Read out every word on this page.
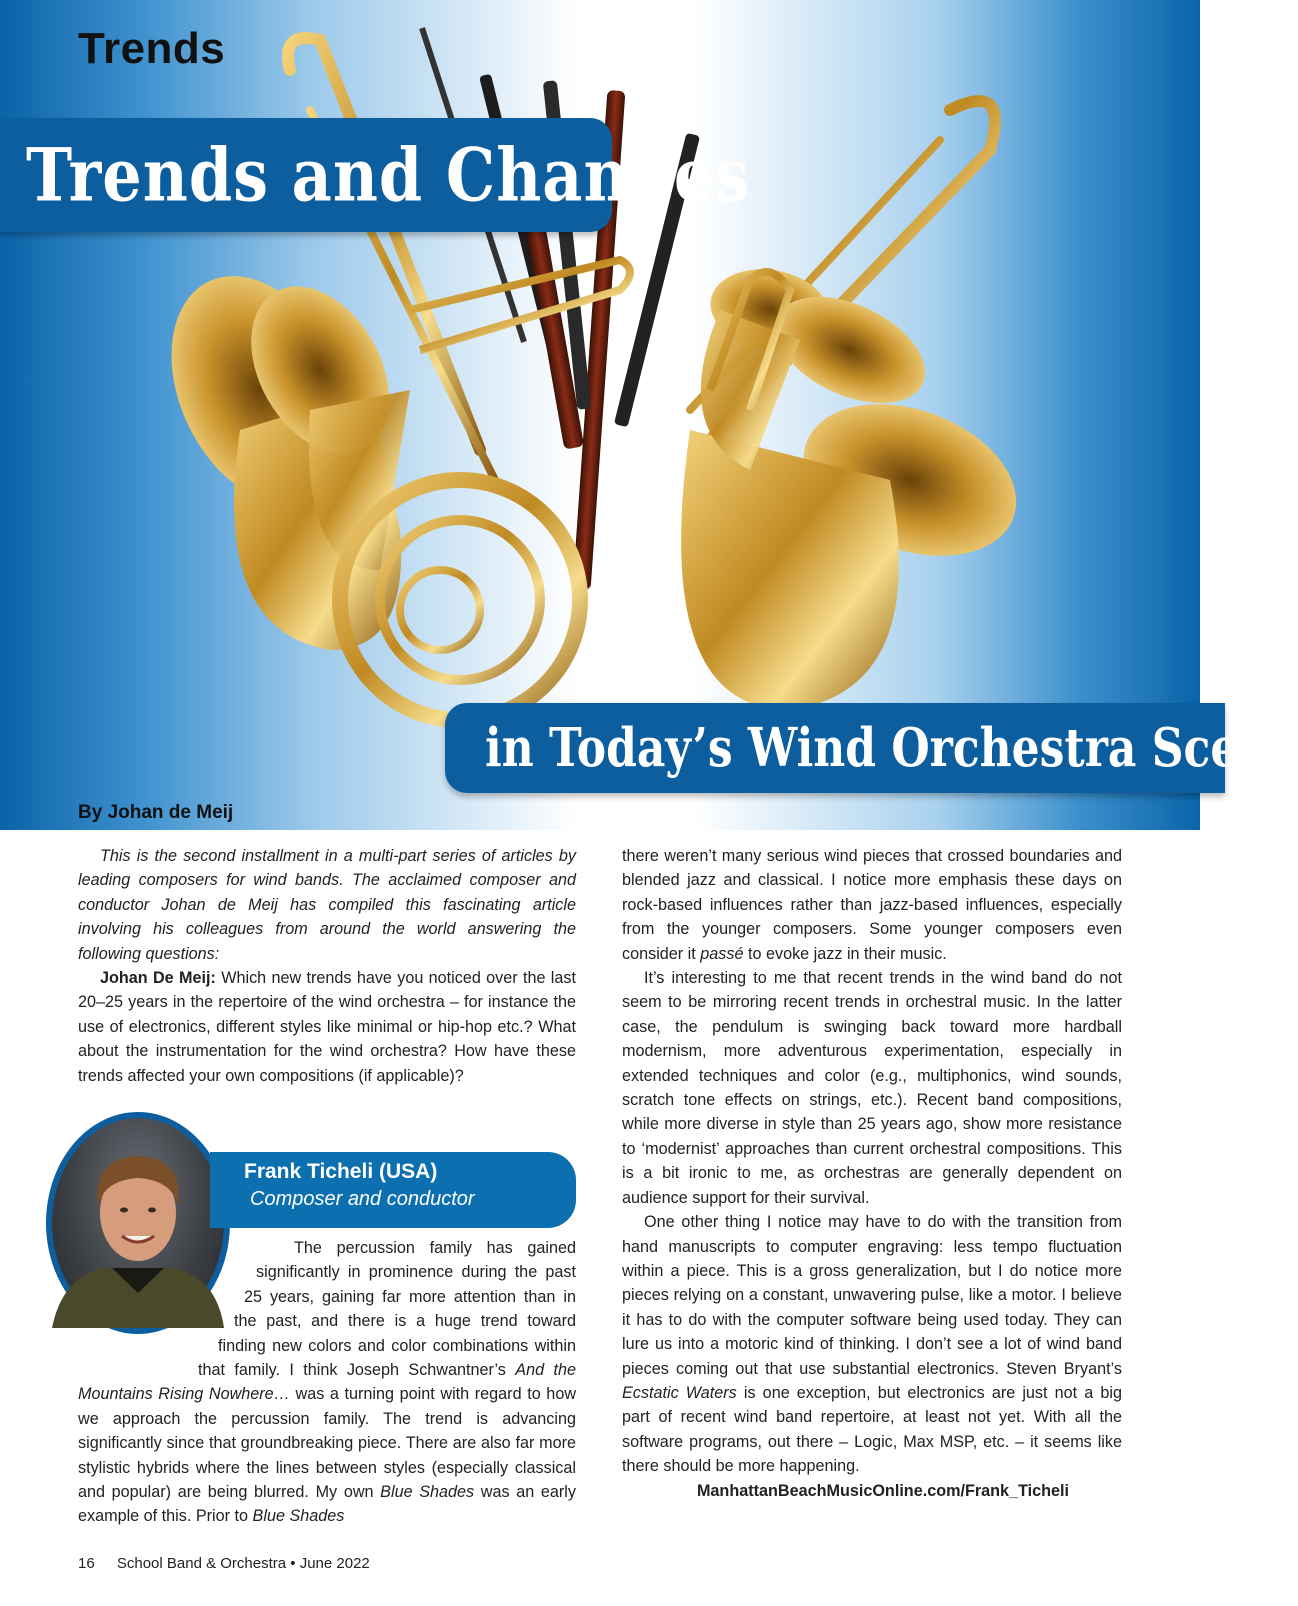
Trends
Trends and Changes
in Today’s Wind Orchestra Scene
By Johan de Meij

This is the second installment in a multi-part series of articles by leading composers for wind bands. The acclaimed composer and conductor Johan de Meij has compiled this fascinating article involving his colleagues from around the world answering the following questions:

Johan De Meij: Which new trends have you noticed over the last 20–25 years in the repertoire of the wind orchestra – for instance the use of electronics, different styles like minimal or hip-hop etc.? What about the instrumentation for the wind orchestra? How have these trends affected your own compositions (if applicable)?

Frank Ticheli (USA)
Composer and conductor

The percussion family has gained significantly in prominence during the past 25 years, gaining far more attention than in the past, and there is a huge trend toward finding new colors and color combinations within that family. I think Joseph Schwantner’s And the Mountains Rising Nowhere… was a turning point with regard to how we approach the percussion family. The trend is advancing significantly since that groundbreaking piece. There are also far more stylistic hybrids where the lines between styles (especially classical and popular) are being blurred. My own Blue Shades was an early example of this. Prior to Blue Shades

there weren’t many serious wind pieces that crossed boundaries and blended jazz and classical. I notice more emphasis these days on rock-based influences rather than jazz-based influences, especially from the younger composers. Some younger composers even consider it passé to evoke jazz in their music.

It’s interesting to me that recent trends in the wind band do not seem to be mirroring recent trends in orchestral music. In the latter case, the pendulum is swinging back toward more hardball modernism, more adventurous experimentation, especially in extended techniques and color (e.g., multiphonics, wind sounds, scratch tone effects on strings, etc.). Recent band compositions, while more diverse in style than 25 years ago, show more resistance to ‘modernist’ approaches than current orchestral compositions. This is a bit ironic to me, as orchestras are generally dependent on audience support for their survival.

One other thing I notice may have to do with the transition from hand manuscripts to computer engraving: less tempo fluctuation within a piece. This is a gross generalization, but I do notice more pieces relying on a constant, unwavering pulse, like a motor. I believe it has to do with the computer software being used today. They can lure us into a motoric kind of thinking. I don’t see a lot of wind band pieces coming out that use substantial electronics. Steven Bryant’s Ecstatic Waters is one exception, but electronics are just not a big part of recent wind band repertoire, at least not yet. With all the software programs, out there – Logic, Max MSP, etc. – it seems like there should be more happening.

ManhattanBeachMusicOnline.com/Frank_Ticheli

16 School Band & Orchestra • June 2022
